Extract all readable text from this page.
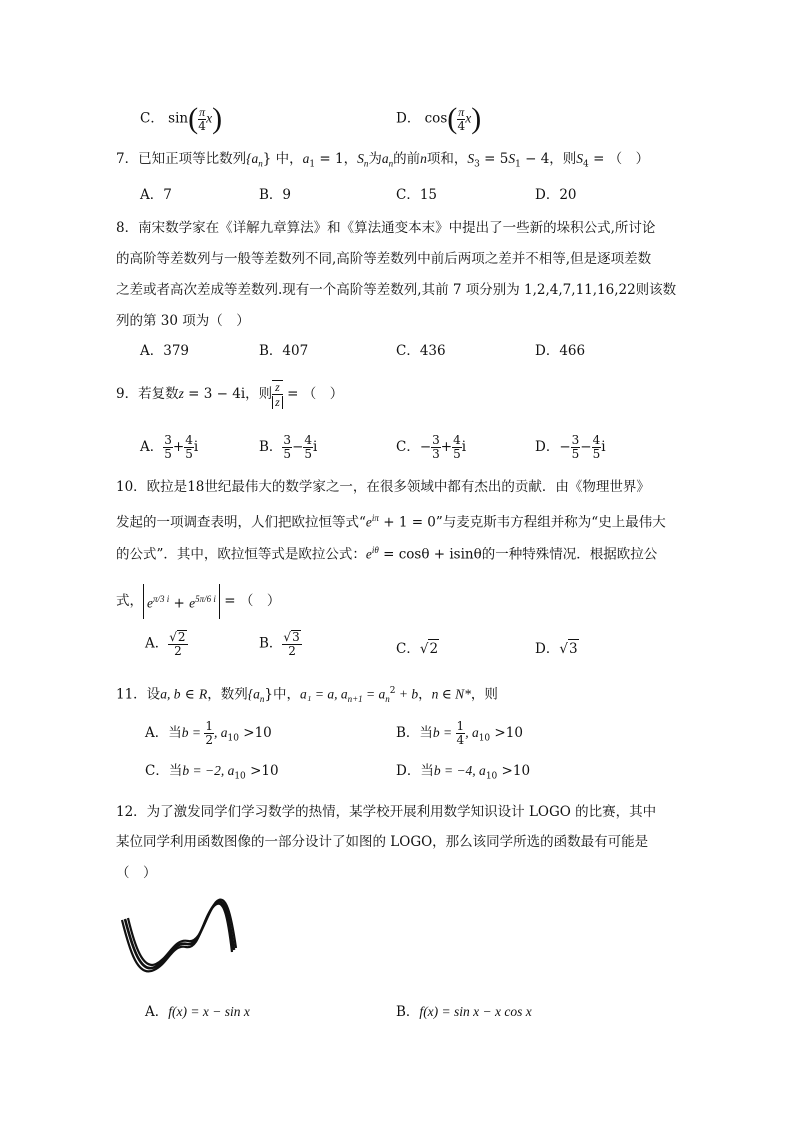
C． $\sin( \frac{\pi}{4} x)$	D． $\cos( \frac{\pi}{4} x)$
7．已知正项等比数列$\{a_n\}$ 中，$a_1 = 1$，$S_n$为$a_n$的前n项和，$S_3 = 5S_1 - 4$，则$S_4$ = （　）
A．7	B．9	C．15	D．20
8．南宋数学家在《详解九章算法》和《算法通变本末》中提出了一些新的垛积公式,所讨论
的高阶等差数列与一般等差数列不同,高阶等差数列中前后两项之差并不相等,但是逐项差数
之差或者高次差成等差数列.现有一个高阶等差数列,其前 7 项分别为 1,2,4,7,11,16,22则该数
列的第 30 项为（　）
A．379	B．407	C．436	D．466
9．若复数z = 3 − 4i，则 $\frac{z}{z}$ = （　）
A． $\frac{3}{5} + \frac{4}{5}$ i	B． $\frac{3}{5} - \frac{4}{5}$ i	C．− $\frac{3}{3} + \frac{4}{5}$ i	D．− $\frac{3}{5} - \frac{4}{5}$ i
10．欧拉是18世纪最伟大的数学家之一，在很多领域中都有杰出的贡献．由《物理世界》
发起的一项调查表明，人们把欧拉恒等式“$e^{i\pi} + 1 = 0$”与麦克斯韦方程组并称为“史上最伟大
的公式”．其中，欧拉恒等式是欧拉公式：$e^{i\theta} = \cos\theta + isin\theta$的一种特殊情况．根据欧拉公
式， $e^{\pi/3 i} + e^{5\pi/6 i}$ = （　）
A． $\frac{√2}{2}$	B． $\frac{√3}{2}$	C．√2	D．√3
11．设a, b ∈ R，数列$\{a_n\}$中，a₁ = a, $a_{n+1} = a_n^2 + b$，n ∈ N*，则
A．当$b = \frac{1}{2}$ , $a_{10} >10$	B．当$b = \frac{1}{4}$ , $a_{10} >10$
C．当b = −2, $a_{10} >10$	D．当b = −4, $a_{10} >10$
12．为了激发同学们学习数学的热情，某学校开展利用数学知识设计 LOGO 的比赛，其中
某位同学利用函数图像的一部分设计了如图的 LOGO，那么该同学所选的函数最有可能是
（　）
A．f(x) = x − sin x	B．f(x) = sin x − x cos x
